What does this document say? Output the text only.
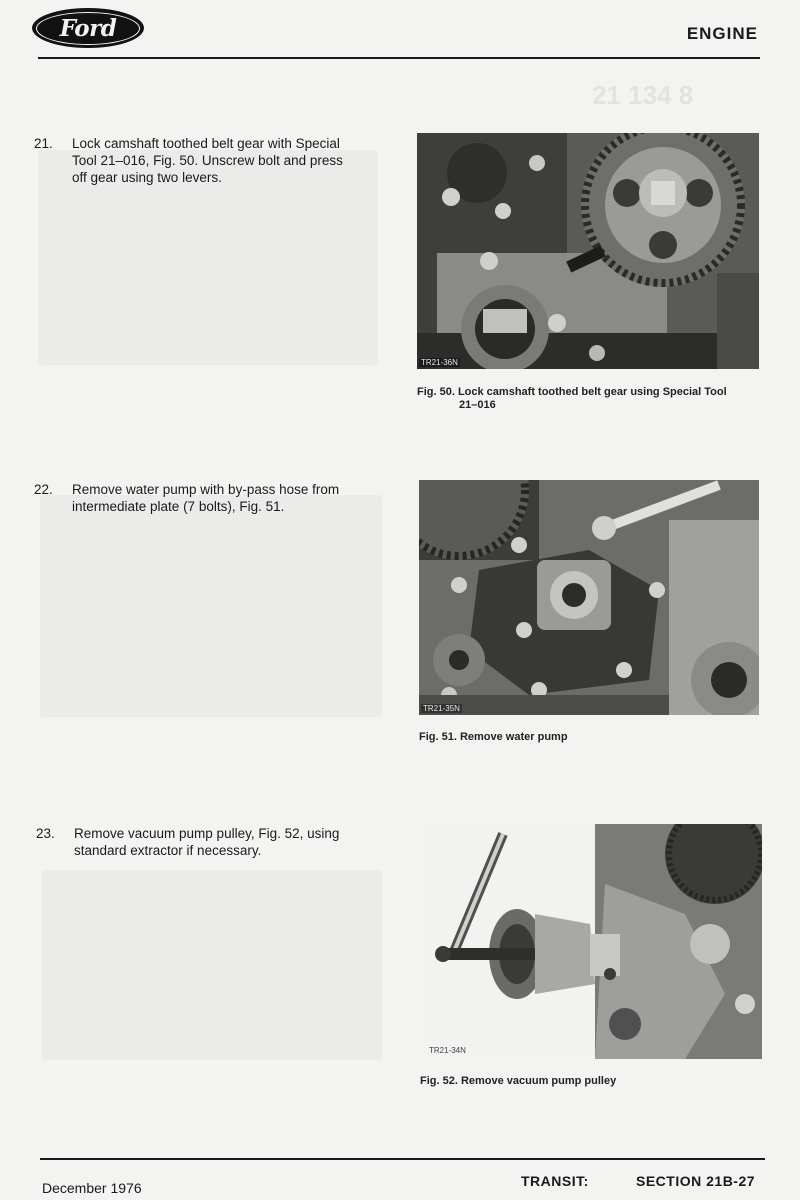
21 134 8
Ford	ENGINE
21. Lock camshaft toothed belt gear with Special
Tool 21–016, Fig. 50. Unscrew bolt and press
off gear using two levers.
22. Remove water pump with by-pass hose from
intermediate plate (7 bolts), Fig. 51.
23. Remove vacuum pump pulley, Fig. 52, using
standard extractor if necessary.
TR21-36N
Fig. 50. Lock camshaft toothed belt gear using Special Tool
21–016
TR21-35N
Fig. 51. Remove water pump
TR21-34N
Fig. 52. Remove vacuum pump pulley
December 1976	TRANSIT:	SECTION 21B-27
